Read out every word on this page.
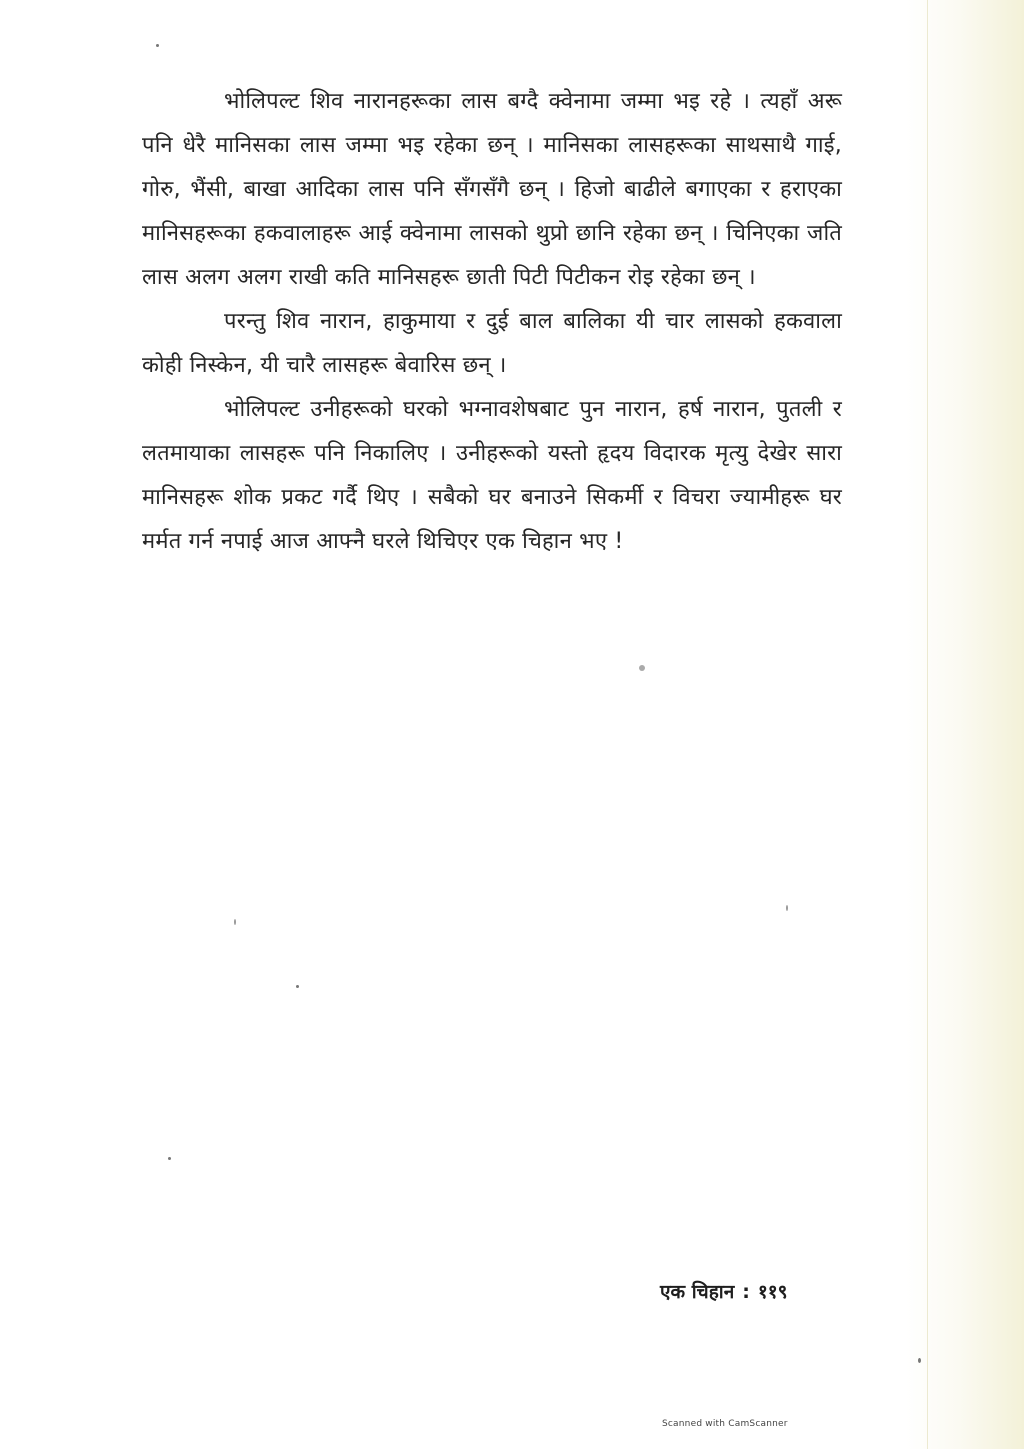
भोलिपल्ट शिव नारानहरूका लास बग्दै क्वेनामा जम्मा भइ रहे । त्यहाँ अरू पनि धेरै मानिसका लास जम्मा भइ रहेका छन् । मानिसका लासहरूका साथसाथै गाई, गोरु, भैंसी, बाखा आदिका लास पनि सँगसँगै छन् । हिजो बाढीले बगाएका र हराएका मानिसहरूका हकवालाहरू आई क्वेनामा लासको थुप्रो छानि रहेका छन् । चिनिएका जति लास अलग अलग राखी कति मानिसहरू छाती पिटी पिटीकन रोइ रहेका छन् ।

परन्तु शिव नारान, हाकुमाया र दुई बाल बालिका यी चार लासको हकवाला कोही निस्केन, यी चारै लासहरू बेवारिस छन् ।

भोलिपल्ट उनीहरूको घरको भग्नावशेषबाट पुन नारान, हर्ष नारान, पुतली र लतमायाका लासहरू पनि निकालिए । उनीहरूको यस्तो हृदय विदारक मृत्यु देखेर सारा मानिसहरू शोक प्रकट गर्दै थिए । सबैको घर बनाउने सिकर्मी र विचरा ज्यामीहरू घर मर्मत गर्न नपाई आज आफ्नै घरले थिचिएर एक चिहान भए !

एक चिहान : ११९
Scanned with CamScanner
